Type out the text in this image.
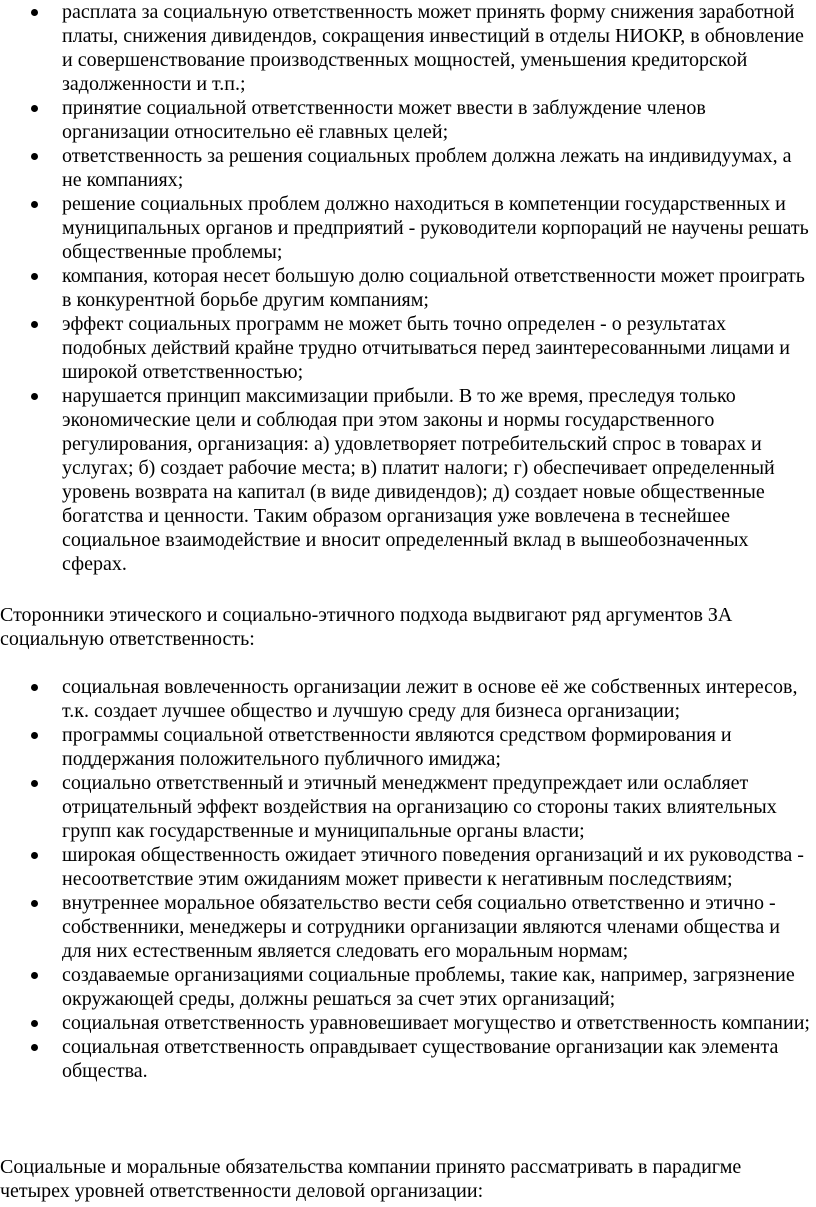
расплата за социальную ответственность может принять форму снижения заработной платы, снижения дивидендов, сокращения инвестиций в отделы НИОКР, в обновление и совершенствование производственных мощностей, уменьшения кредиторской задолженности и т.п.;
принятие социальной ответственности может ввести в заблуждение членов организации относительно её главных целей;
ответственность за решения социальных проблем должна лежать на индивидуумах, а не компаниях;
решение социальных проблем должно находиться в компетенции государственных и муниципальных органов и предприятий - руководители корпораций не научены решать общественные проблемы;
компания, которая несет большую долю социальной ответственности может проиграть в конкурентной борьбе другим компаниям;
эффект социальных программ не может быть точно определен - о результатах подобных действий крайне трудно отчитываться перед заинтересованными лицами и широкой ответственностью;
нарушается принцип максимизации прибыли. В то же время, преследуя только экономические цели и соблюдая при этом законы и нормы государственного регулирования, организация: а) удовлетворяет потребительский спрос в товарах и услугах; б) создает рабочие места; в) платит налоги; г) обеспечивает определенный уровень возврата на капитал (в виде дивидендов); д) создает новые общественные богатства и ценности. Таким образом организация уже вовлечена в теснейшее социальное взаимодействие и вносит определенный вклад в вышеобозначенных сферах.

Сторонники этического и социально-этичного подхода выдвигают ряд аргументов ЗА социальную ответственность:

социальная вовлеченность организации лежит в основе её же собственных интересов, т.к. создает лучшее общество и лучшую среду для бизнеса организации;
программы социальной ответственности являются средством формирования и поддержания положительного публичного имиджа;
социально ответственный и этичный менеджмент предупреждает или ослабляет отрицательный эффект воздействия на организацию со стороны таких влиятельных групп как государственные и муниципальные органы власти;
широкая общественность ожидает этичного поведения организаций и их руководства - несоответствие этим ожиданиям может привести к негативным последствиям;
внутреннее моральное обязательство вести себя социально ответственно и этично - собственники, менеджеры и сотрудники организации являются членами общества и для них естественным является следовать его моральным нормам;
создаваемые организациями социальные проблемы, такие как, например, загрязнение окружающей среды, должны решаться за счет этих организаций;
социальная ответственность уравновешивает могущество и ответственность компании;
социальная ответственность оправдывает существование организации как элемента общества.

Социальные и моральные обязательства компании принято рассматривать в парадигме четырех уровней ответственности деловой организации:
